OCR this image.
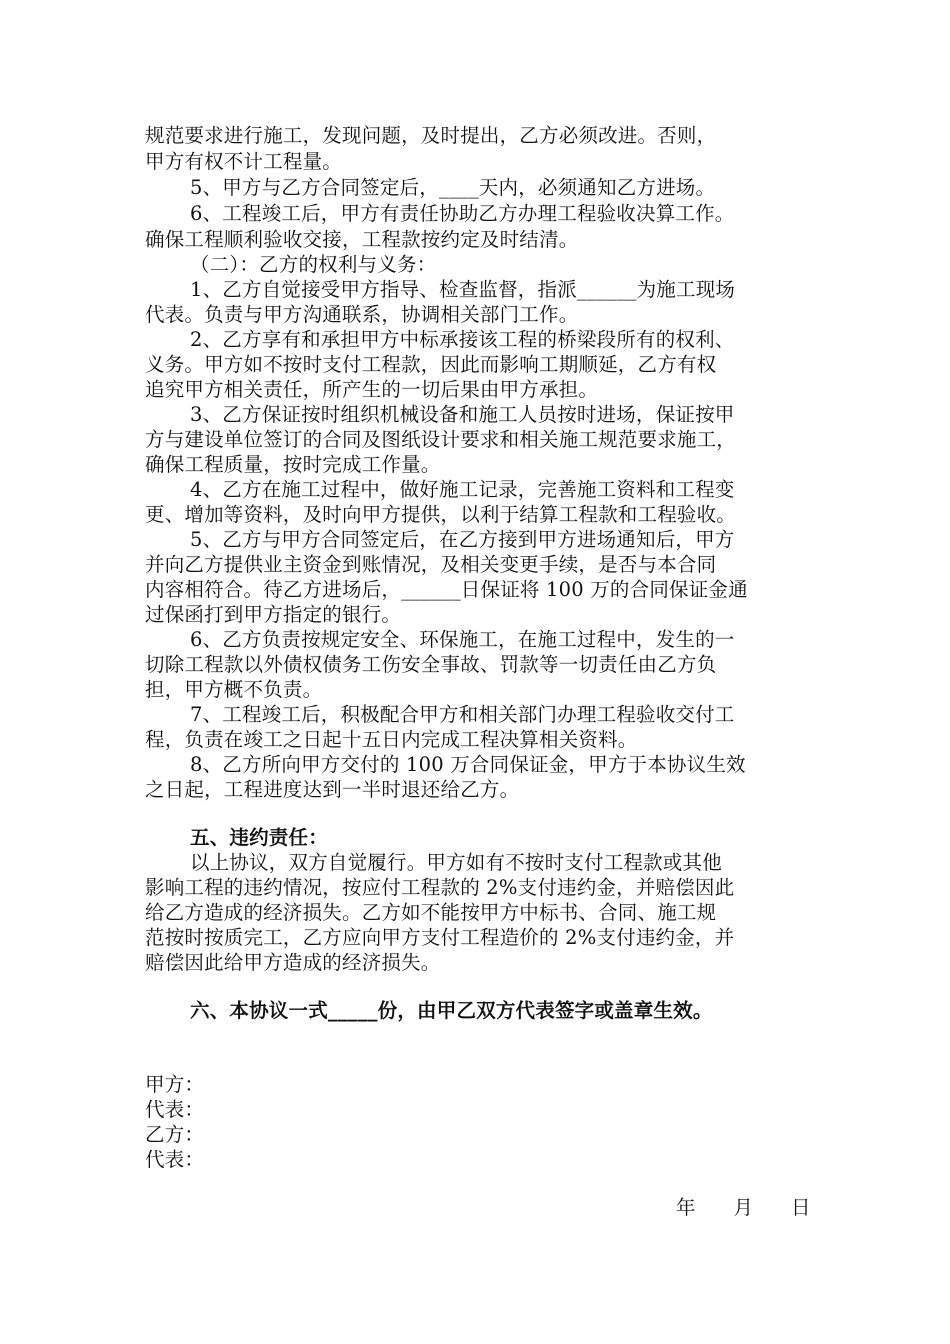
规范要求进行施工，发现问题，及时提出，乙方必须改进。否则，
甲方有权不计工程量。
5、甲方与乙方合同签定后，____天内，必须通知乙方进场。
6、工程竣工后，甲方有责任协助乙方办理工程验收决算工作。
确保工程顺利验收交接，工程款按约定及时结清。
（二）：乙方的权利与义务：
1、乙方自觉接受甲方指导、检查监督，指派______为施工现场
代表。负责与甲方沟通联系，协调相关部门工作。
2、乙方享有和承担甲方中标承接该工程的桥梁段所有的权利、
义务。甲方如不按时支付工程款，因此而影响工期顺延，乙方有权
追究甲方相关责任，所产生的一切后果由甲方承担。
3、乙方保证按时组织机械设备和施工人员按时进场，保证按甲
方与建设单位签订的合同及图纸设计要求和相关施工规范要求施工，
确保工程质量，按时完成工作量。
4、乙方在施工过程中，做好施工记录，完善施工资料和工程变
更、增加等资料，及时向甲方提供，以利于结算工程款和工程验收。
5、乙方与甲方合同签定后，在乙方接到甲方进场通知后，甲方
并向乙方提供业主资金到账情况，及相关变更手续，是否与本合同
内容相符合。待乙方进场后，______日保证将 100 万的合同保证金通
过保函打到甲方指定的银行。
6、乙方负责按规定安全、环保施工，在施工过程中，发生的一
切除工程款以外债权债务工伤安全事故、罚款等一切责任由乙方负
担，甲方概不负责。
7、工程竣工后，积极配合甲方和相关部门办理工程验收交付工
程，负责在竣工之日起十五日内完成工程决算相关资料。
8、乙方所向甲方交付的 100 万合同保证金，甲方于本协议生效
之日起，工程进度达到一半时退还给乙方。
五、违约责任：
以上协议，双方自觉履行。甲方如有不按时支付工程款或其他
影响工程的违约情况，按应付工程款的 2%支付违约金，并赔偿因此
给乙方造成的经济损失。乙方如不能按甲方中标书、合同、施工规
范按时按质完工，乙方应向甲方支付工程造价的 2%支付违约金，并
赔偿因此给甲方造成的经济损失。
六、本协议一式_____份，由甲乙双方代表签字或盖章生效。
甲方：
代表：
乙方：
代表：
年 月 日
